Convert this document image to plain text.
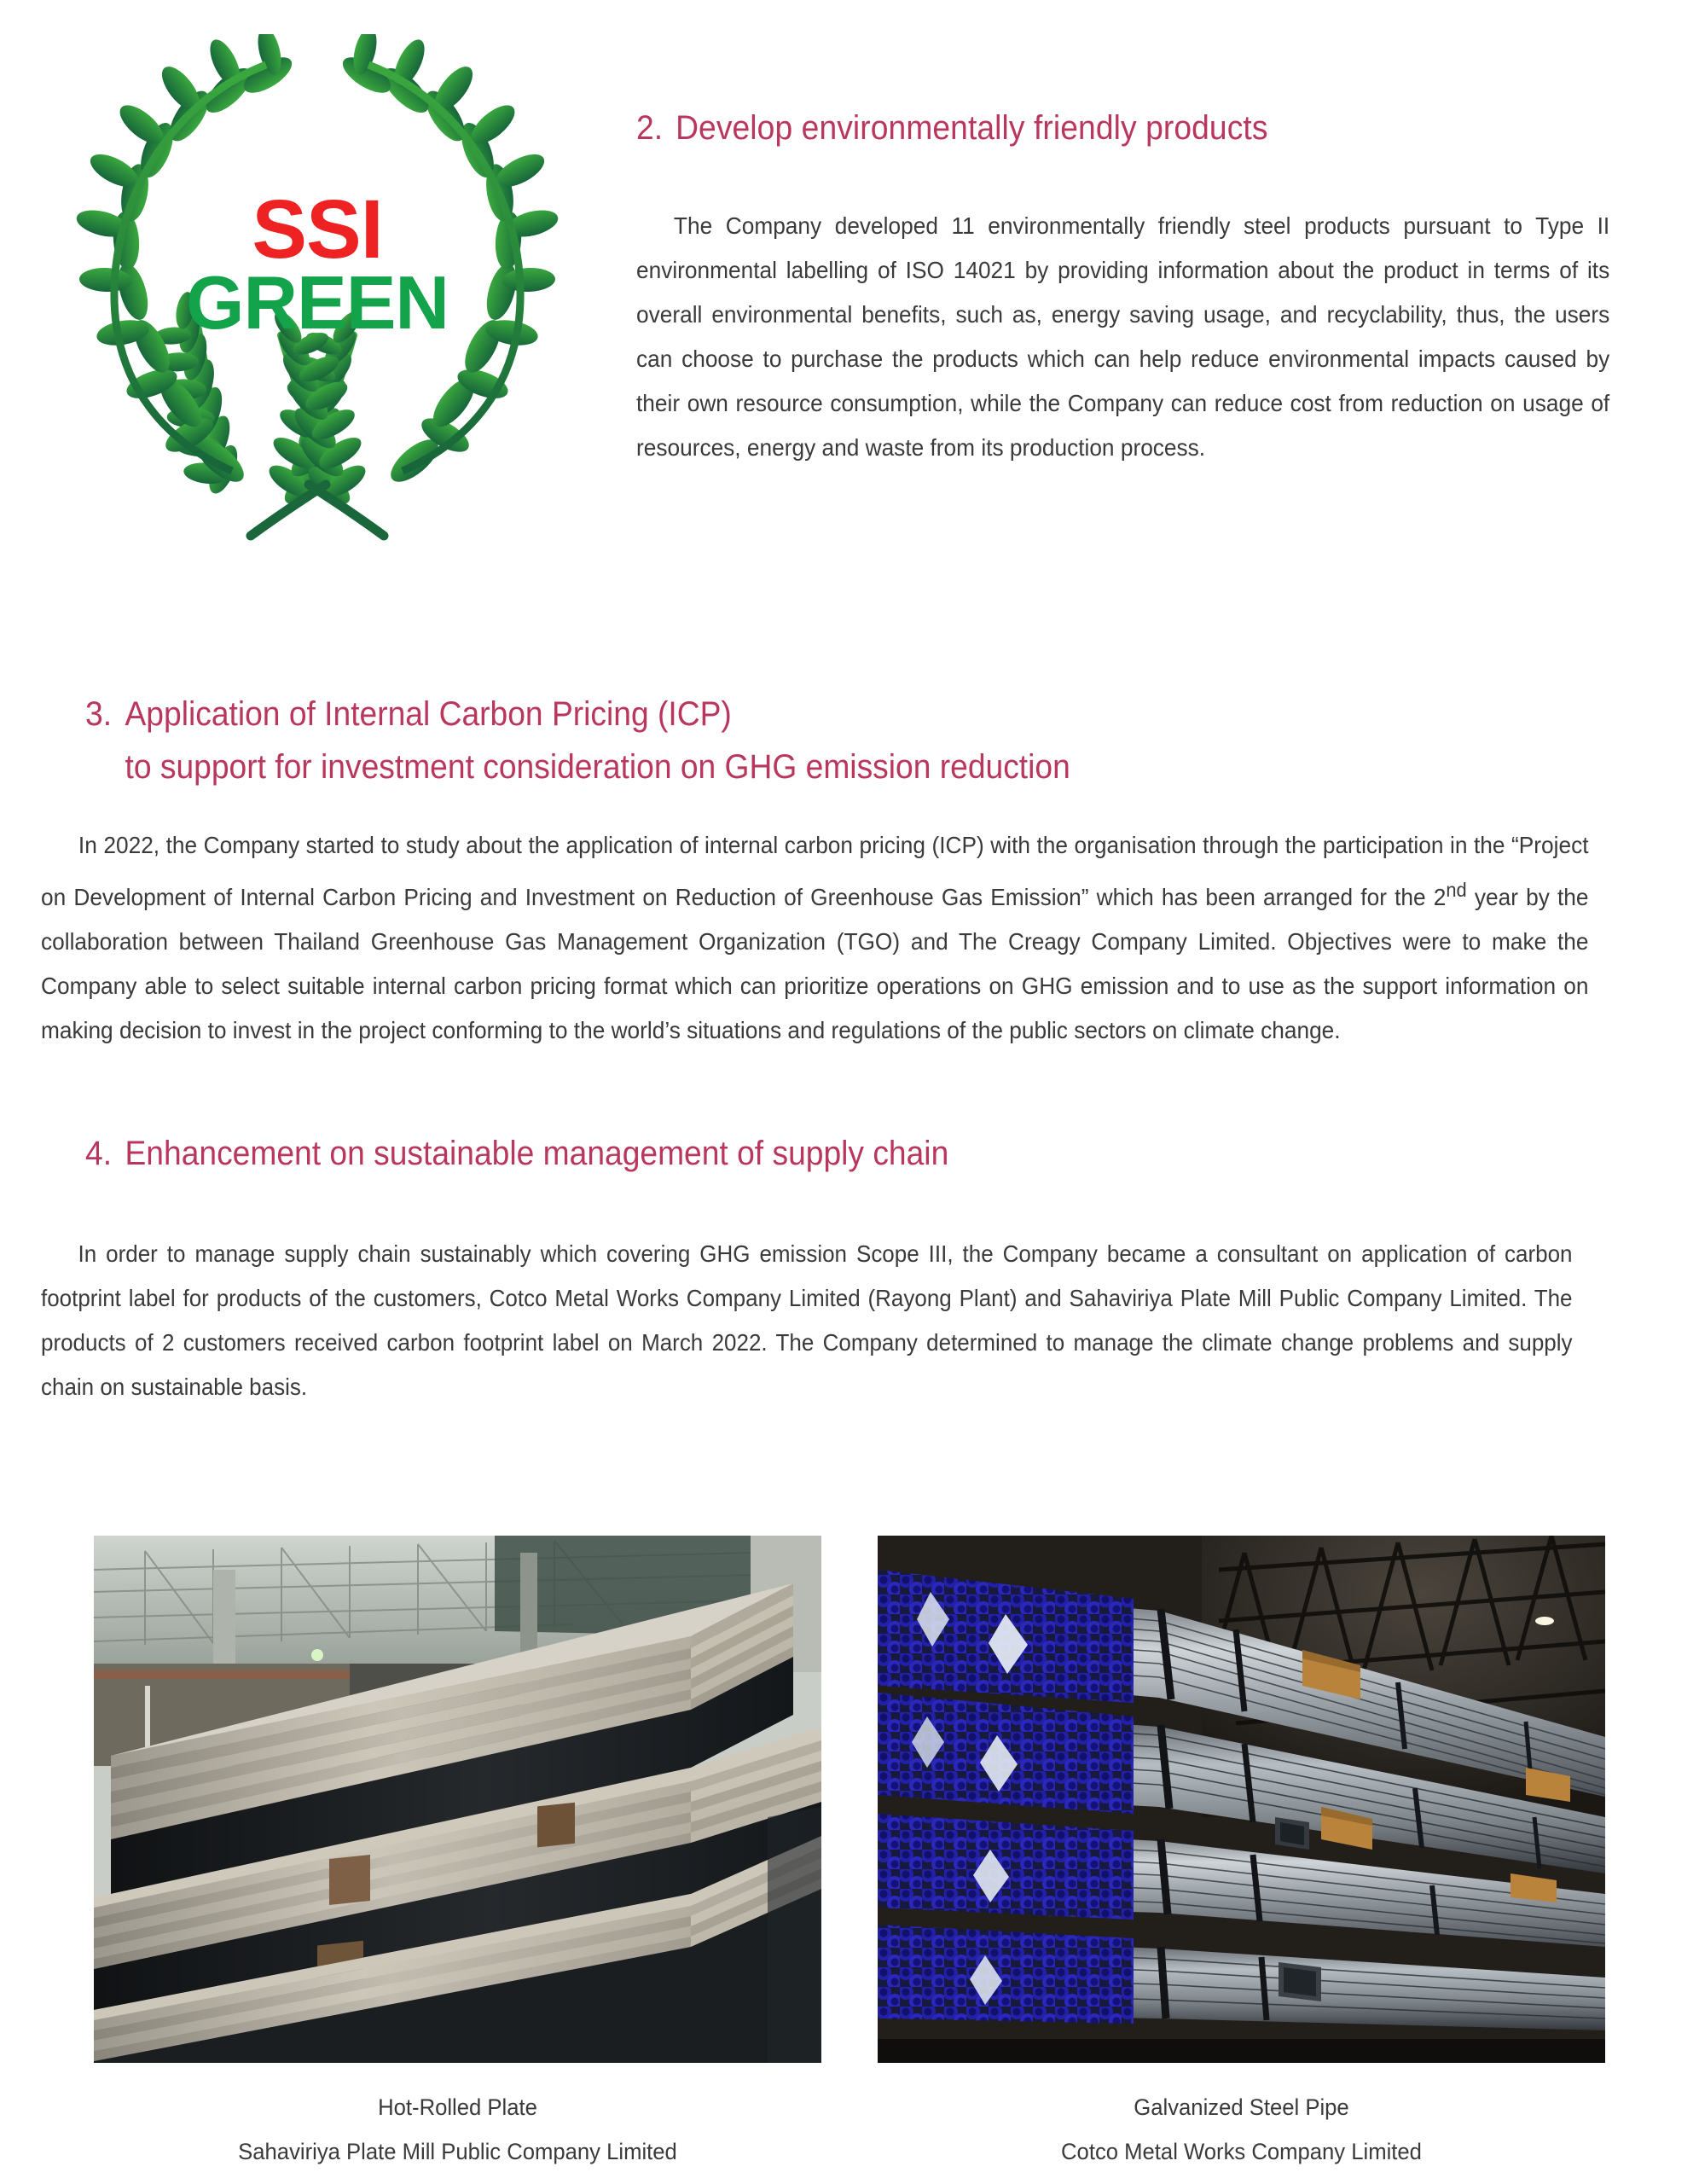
SSI
GREEN
2. Develop environmentally friendly products

The Company developed 11 environmentally friendly steel products pursuant to Type II environmental labelling of ISO 14021 by providing information about the product in terms of its overall environmental benefits, such as, energy saving usage, and recyclability, thus, the users can choose to purchase the products which can help reduce environmental impacts caused by their own resource consumption, while the Company can reduce cost from reduction on usage of resources, energy and waste from its production process.

3. Application of Internal Carbon Pricing (ICP)
to support for investment consideration on GHG emission reduction

In 2022, the Company started to study about the application of internal carbon pricing (ICP) with the organisation through the participation in the “Project on Development of Internal Carbon Pricing and Investment on Reduction of Greenhouse Gas Emission” which has been arranged for the 2nd year by the collaboration between Thailand Greenhouse Gas Management Organization (TGO) and The Creagy Company Limited. Objectives were to make the Company able to select suitable internal carbon pricing format which can prioritize operations on GHG emission and to use as the support information on making decision to invest in the project conforming to the world’s situations and regulations of the public sectors on climate change.

4. Enhancement on sustainable management of supply chain

In order to manage supply chain sustainably which covering GHG emission Scope III, the Company became a consultant on application of carbon footprint label for products of the customers, Cotco Metal Works Company Limited (Rayong Plant) and Sahaviriya Plate Mill Public Company Limited. The products of 2 customers received carbon footprint label on March 2022. The Company determined to manage the climate change problems and supply chain on sustainable basis.

Hot-Rolled Plate
Sahaviriya Plate Mill Public Company Limited
Galvanized Steel Pipe
Cotco Metal Works Company Limited
